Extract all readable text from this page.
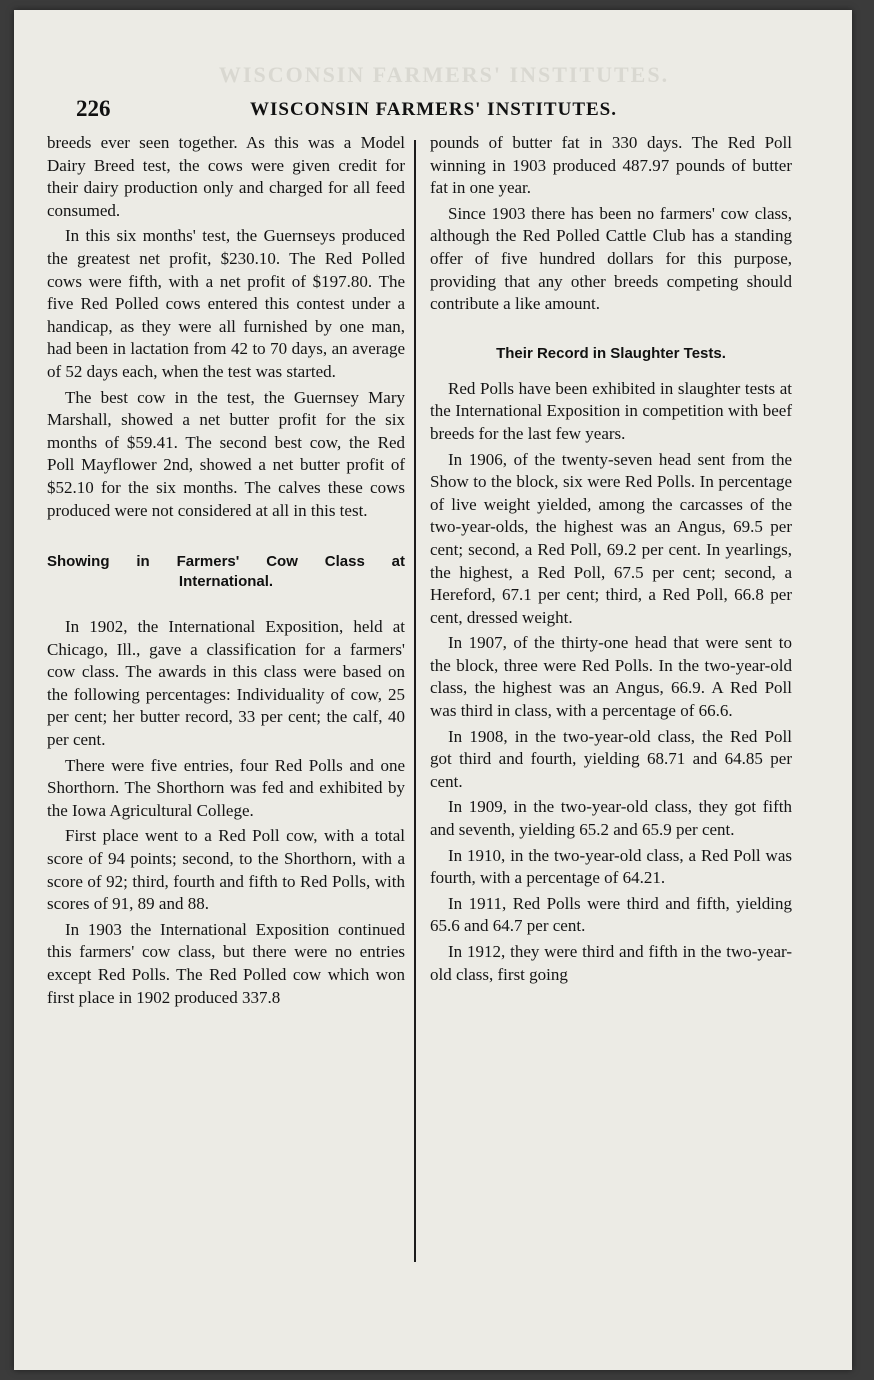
WISCONSIN FARMERS' INSTITUTES.
226	WISCONSIN FARMERS' INSTITUTES.

breeds ever seen together. As this was a Model Dairy Breed test, the cows were given credit for their dairy production only and charged for all feed consumed.

In this six months' test, the Guernseys produced the greatest net profit, $230.10. The Red Polled cows were fifth, with a net profit of $197.80. The five Red Polled cows entered this contest under a handicap, as they were all furnished by one man, had been in lactation from 42 to 70 days, an average of 52 days each, when the test was started.

The best cow in the test, the Guernsey Mary Marshall, showed a net butter profit for the six months of $59.41. The second best cow, the Red Poll Mayflower 2nd, showed a net butter profit of $52.10 for the six months. The calves these cows produced were not considered at all in this test.

Showing in Farmers' Cow Class at
International.

In 1902, the International Exposition, held at Chicago, Ill., gave a classification for a farmers' cow class. The awards in this class were based on the following percentages: Individuality of cow, 25 per cent; her butter record, 33 per cent; the calf, 40 per cent.

There were five entries, four Red Polls and one Shorthorn. The Shorthorn was fed and exhibited by the Iowa Agricultural College.

First place went to a Red Poll cow, with a total score of 94 points; second, to the Shorthorn, with a score of 92; third, fourth and fifth to Red Polls, with scores of 91, 89 and 88.

In 1903 the International Exposition continued this farmers' cow class, but there were no entries except Red Polls. The Red Polled cow which won first place in 1902 produced 337.8

pounds of butter fat in 330 days. The Red Poll winning in 1903 produced 487.97 pounds of butter fat in one year.

Since 1903 there has been no farmers' cow class, although the Red Polled Cattle Club has a standing offer of five hundred dollars for this purpose, providing that any other breeds competing should contribute a like amount.

Their Record in Slaughter Tests.

Red Polls have been exhibited in slaughter tests at the International Exposition in competition with beef breeds for the last few years.

In 1906, of the twenty-seven head sent from the Show to the block, six were Red Polls. In percentage of live weight yielded, among the carcasses of the two-year-olds, the highest was an Angus, 69.5 per cent; second, a Red Poll, 69.2 per cent. In yearlings, the highest, a Red Poll, 67.5 per cent; second, a Hereford, 67.1 per cent; third, a Red Poll, 66.8 per cent, dressed weight.

In 1907, of the thirty-one head that were sent to the block, three were Red Polls. In the two-year-old class, the highest was an Angus, 66.9. A Red Poll was third in class, with a percentage of 66.6.

In 1908, in the two-year-old class, the Red Poll got third and fourth, yielding 68.71 and 64.85 per cent.

In 1909, in the two-year-old class, they got fifth and seventh, yielding 65.2 and 65.9 per cent.

In 1910, in the two-year-old class, a Red Poll was fourth, with a percentage of 64.21.

In 1911, Red Polls were third and fifth, yielding 65.6 and 64.7 per cent.

In 1912, they were third and fifth in the two-year-old class, first going
